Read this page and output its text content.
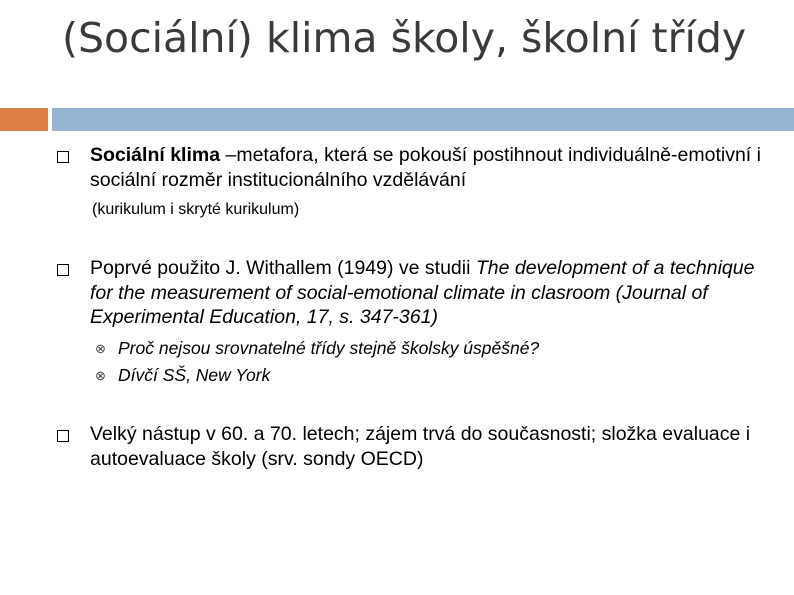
(Sociální) klima školy, školní třídy
Sociální klima –metafora, která se pokouší postihnout individuálně-emotivní i sociální rozměr institucionálního vzdělávání
(kurikulum i skryté kurikulum)
Poprvé použito J. Withallem (1949) ve studii The development of a technique for the measurement of social-emotional climate in clasroom (Journal of Experimental Education, 17, s. 347-361)
⊗ Proč nejsou srovnatelné třídy stejně školsky úspěšné?
⊗ Dívčí SŠ, New York
Velký nástup v 60. a 70. letech; zájem trvá do současnosti; složka evaluace i autoevaluace školy (srv. sondy OECD)
